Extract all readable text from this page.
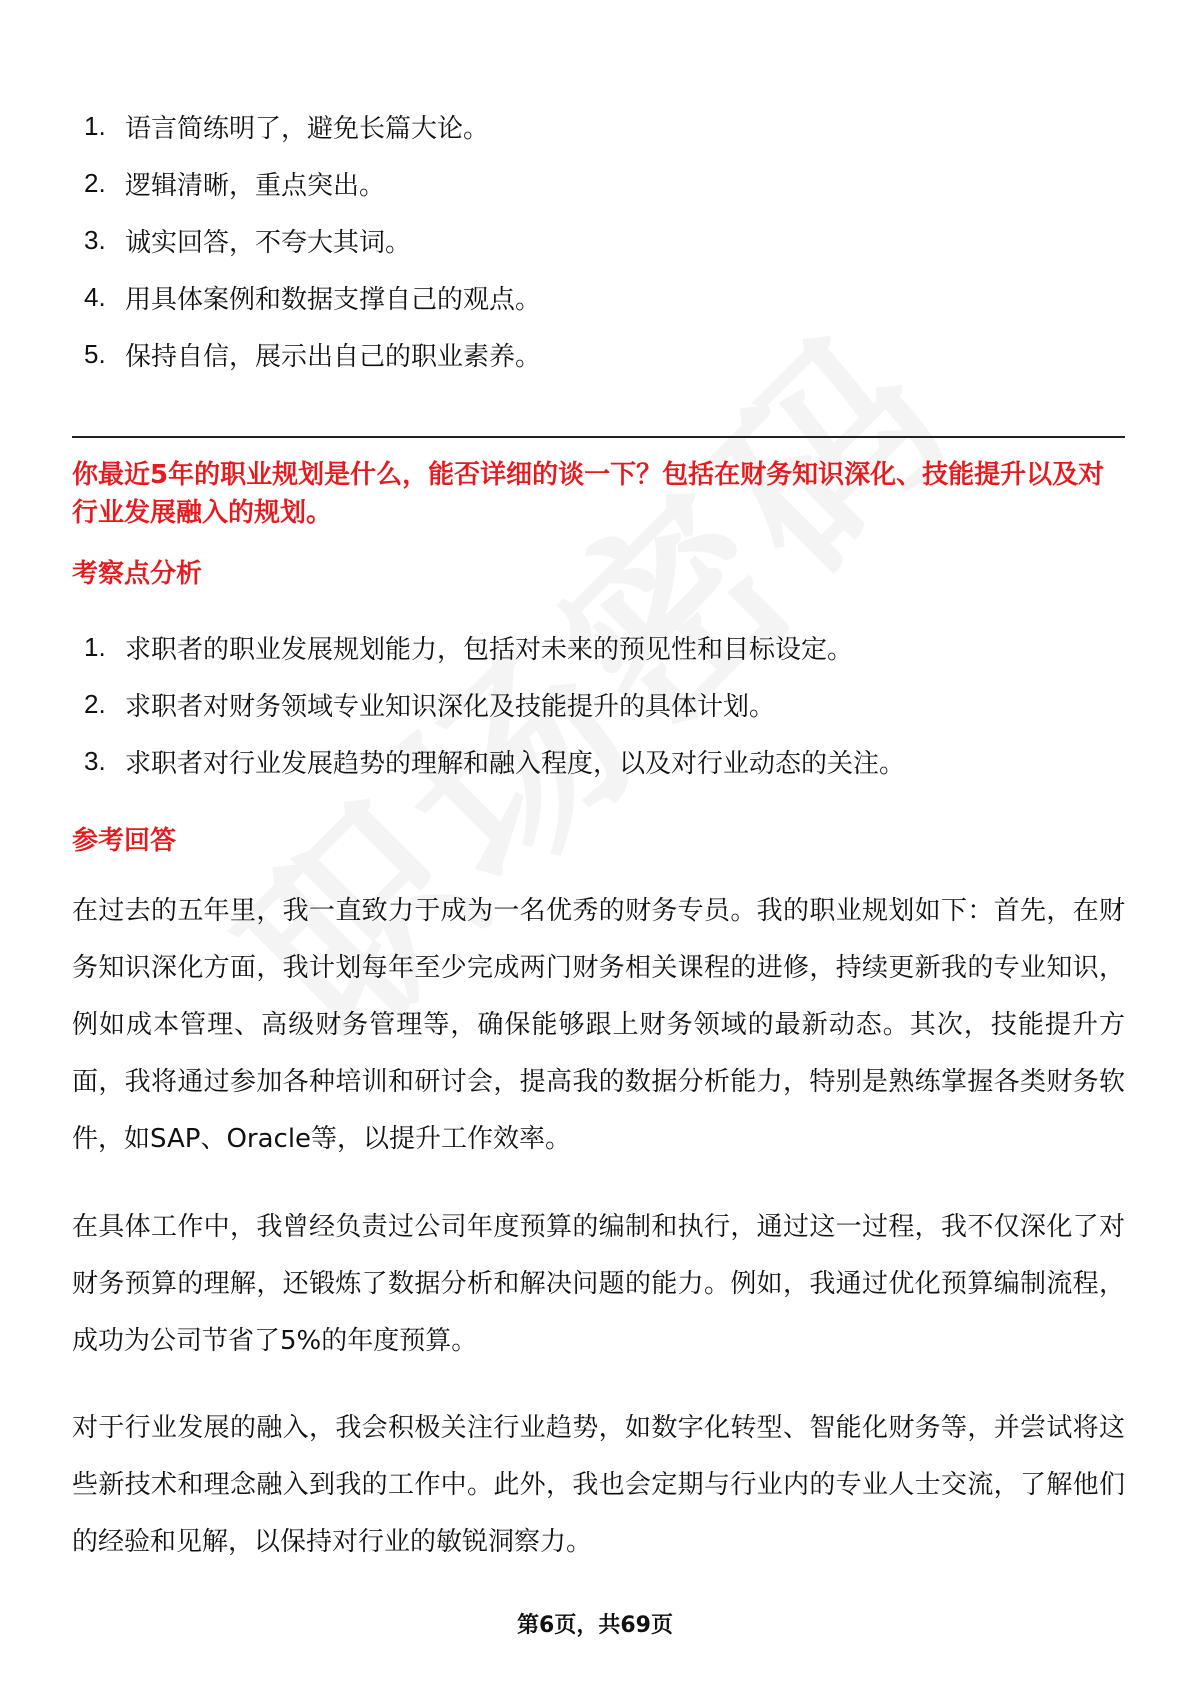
1. 语言简练明了，避免长篇大论。
2. 逻辑清晰，重点突出。
3. 诚实回答，不夸大其词。
4. 用具体案例和数据支撑自己的观点。
5. 保持自信，展示出自己的职业素养。

你最近5年的职业规划是什么，能否详细的谈一下？包括在财务知识深化、技能提升以及对行业发展融入的规划。

考察点分析
1. 求职者的职业发展规划能力，包括对未来的预见性和目标设定。
2. 求职者对财务领域专业知识深化及技能提升的具体计划。
3. 求职者对行业发展趋势的理解和融入程度，以及对行业动态的关注。
参考回答

在过去的五年里，我一直致力于成为一名优秀的财务专员。我的职业规划如下：首先，在财务知识深化方面，我计划每年至少完成两门财务相关课程的进修，持续更新我的专业知识，例如成本管理、高级财务管理等，确保能够跟上财务领域的最新动态。其次，技能提升方面，我将通过参加各种培训和研讨会，提高我的数据分析能力，特别是熟练掌握各类财务软件，如SAP、Oracle等，以提升工作效率。

在具体工作中，我曾经负责过公司年度预算的编制和执行，通过这一过程，我不仅深化了对财务预算的理解，还锻炼了数据分析和解决问题的能力。例如，我通过优化预算编制流程，成功为公司节省了5%的年度预算。

对于行业发展的融入，我会积极关注行业趋势，如数字化转型、智能化财务等，并尝试将这些新技术和理念融入到我的工作中。此外，我也会定期与行业内的专业人士交流，了解他们的经验和见解，以保持对行业的敏锐洞察力。

第6页，共69页
